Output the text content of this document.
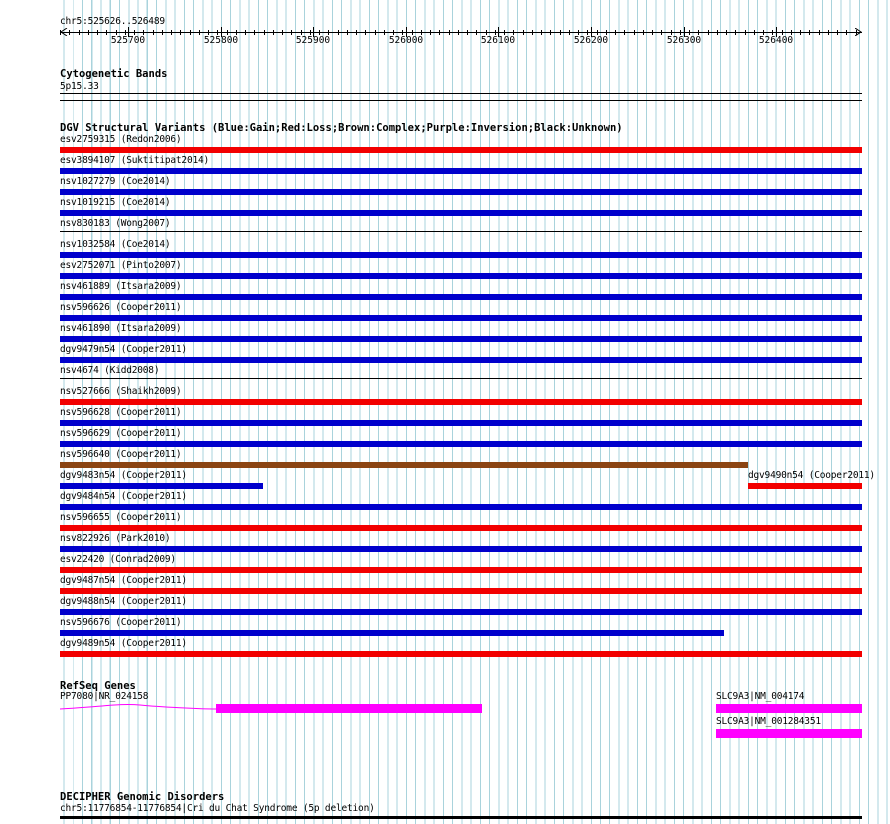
chr5:525626..526489
525700	525800	525900	526000	526100	526200	526300	526400
Cytogenetic Bands
5p15.33
DGV Structural Variants (Blue:Gain;Red:Loss;Brown:Complex;Purple:Inversion;Black:Unknown)
esv2759315 (Redon2006)
esv3894107 (Suktitipat2014)
nsv1027279 (Coe2014)
nsv1019215 (Coe2014)
nsv830183 (Wong2007)
nsv1032584 (Coe2014)
esv2752071 (Pinto2007)
nsv461889 (Itsara2009)
nsv596626 (Cooper2011)
nsv461890 (Itsara2009)
dgv9479n54 (Cooper2011)
nsv4674 (Kidd2008)
nsv527666 (Shaikh2009)
nsv596628 (Cooper2011)
nsv596629 (Cooper2011)
nsv596640 (Cooper2011)
dgv9483n54 (Cooper2011)	dgv9490n54 (Cooper2011)
dgv9484n54 (Cooper2011)
nsv596655 (Cooper2011)
nsv822926 (Park2010)
esv22420 (Conrad2009)
dgv9487n54 (Cooper2011)
dgv9488n54 (Cooper2011)
nsv596676 (Cooper2011)
dgv9489n54 (Cooper2011)
RefSeq Genes
PP7080|NR_024158	SLC9A3|NM_004174
SLC9A3|NM_001284351
DECIPHER Genomic Disorders
chr5:11776854-11776854|Cri du Chat Syndrome (5p deletion)
